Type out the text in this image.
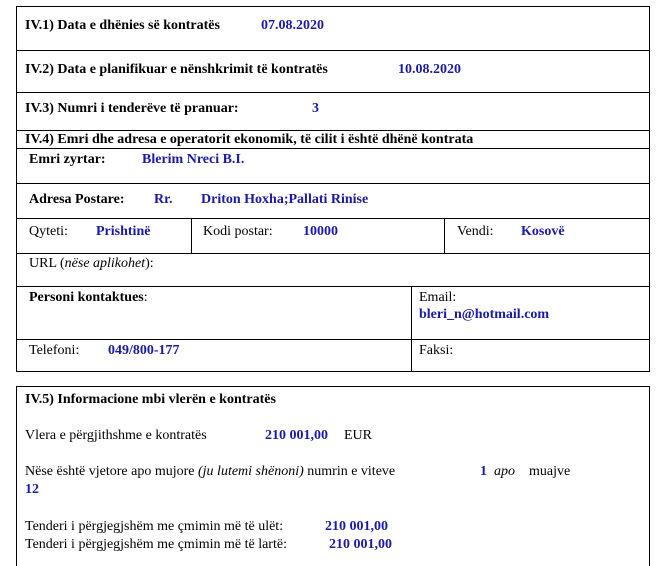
IV.1) Data e dhënies së kontratës	07.08.2020
IV.2) Data e planifikuar e nënshkrimit të kontratës	10.08.2020
IV.3) Numri i tenderëve të pranuar:	3
IV.4) Emri dhe adresa e operatorit ekonomik, të cilit i është dhënë kontrata
Emri zyrtar:	Blerim Nreci B.I.
Adresa Postare: Rr. Driton Hoxha;Pallati Rinise
Qyteti: Prishtinë	Kodi postar: 10000	Vendi: Kosovë
URL (nëse aplikohet):
Personi kontaktues:	Email:
bleri_n@hotmail.com
Telefoni: 049/800-177	Faksi:
IV.5) Informacione mbi vlerën e kontratës
Vlera e përgjithshme e kontratës	210 001,00 EUR
Nëse është vjetore apo mujore (ju lutemi shënoni) numrin e viteve	1 apo muajve
12
Tenderi i përgjegjshëm me çmimin më të ulët:	210 001,00
Tenderi i përgjegjshëm me çmimin më të lartë:	210 001,00
